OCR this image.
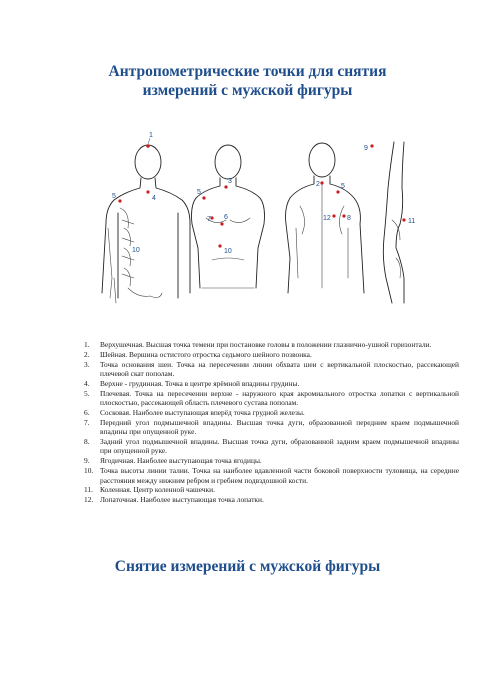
Антропометрические точки для снятия измерений с мужской фигуры
1
5	4
10
5
3
7 6
10
2	5
12 8
9
11
1. Верхушечная. Высшая точка темени при постановке головы в положении глазнично-ушной горизонтали.
2. Шейная. Вершина остистого отростка седьмого шейного позвонка.
3. Точка основания шеи. Точка на пересечении линии обхвата шеи с вертикальной плоскостью, рассекающей плечевой скат пополам.
4. Верхне - грудинная. Точка в центре ярёмной впадины грудины.
5. Плечевая. Точка на пересечении верхне - наружного края акромиального отростка лопатки с вертикальной плоскостью, рассекающей область плечевого сустава пополам.
6. Сосковая. Наиболее выступающая вперёд точка грудной железы.
7. Передний угол подмышечной впадины. Высшая точка дуги, образованной передним краем подмышечной впадины при опущенной руке.
8. Задний угол подмышечной впадины. Высшая точка дуги, образованной задним краем подмышечной впадины при опущенной руке.
9. Ягодичная. Наиболее выступающая точка ягодицы.
10. Точка высоты линии талии. Точка на наиболее вдавленной части боковой поверхности туловища, на середине расстояния между нижним ребром и гребнем подвздошной кости.
11. Коленная. Центр коленной чашечки.
12. Лопаточная. Наиболее выступающая точка лопатки.
Снятие измерений с мужской фигуры
